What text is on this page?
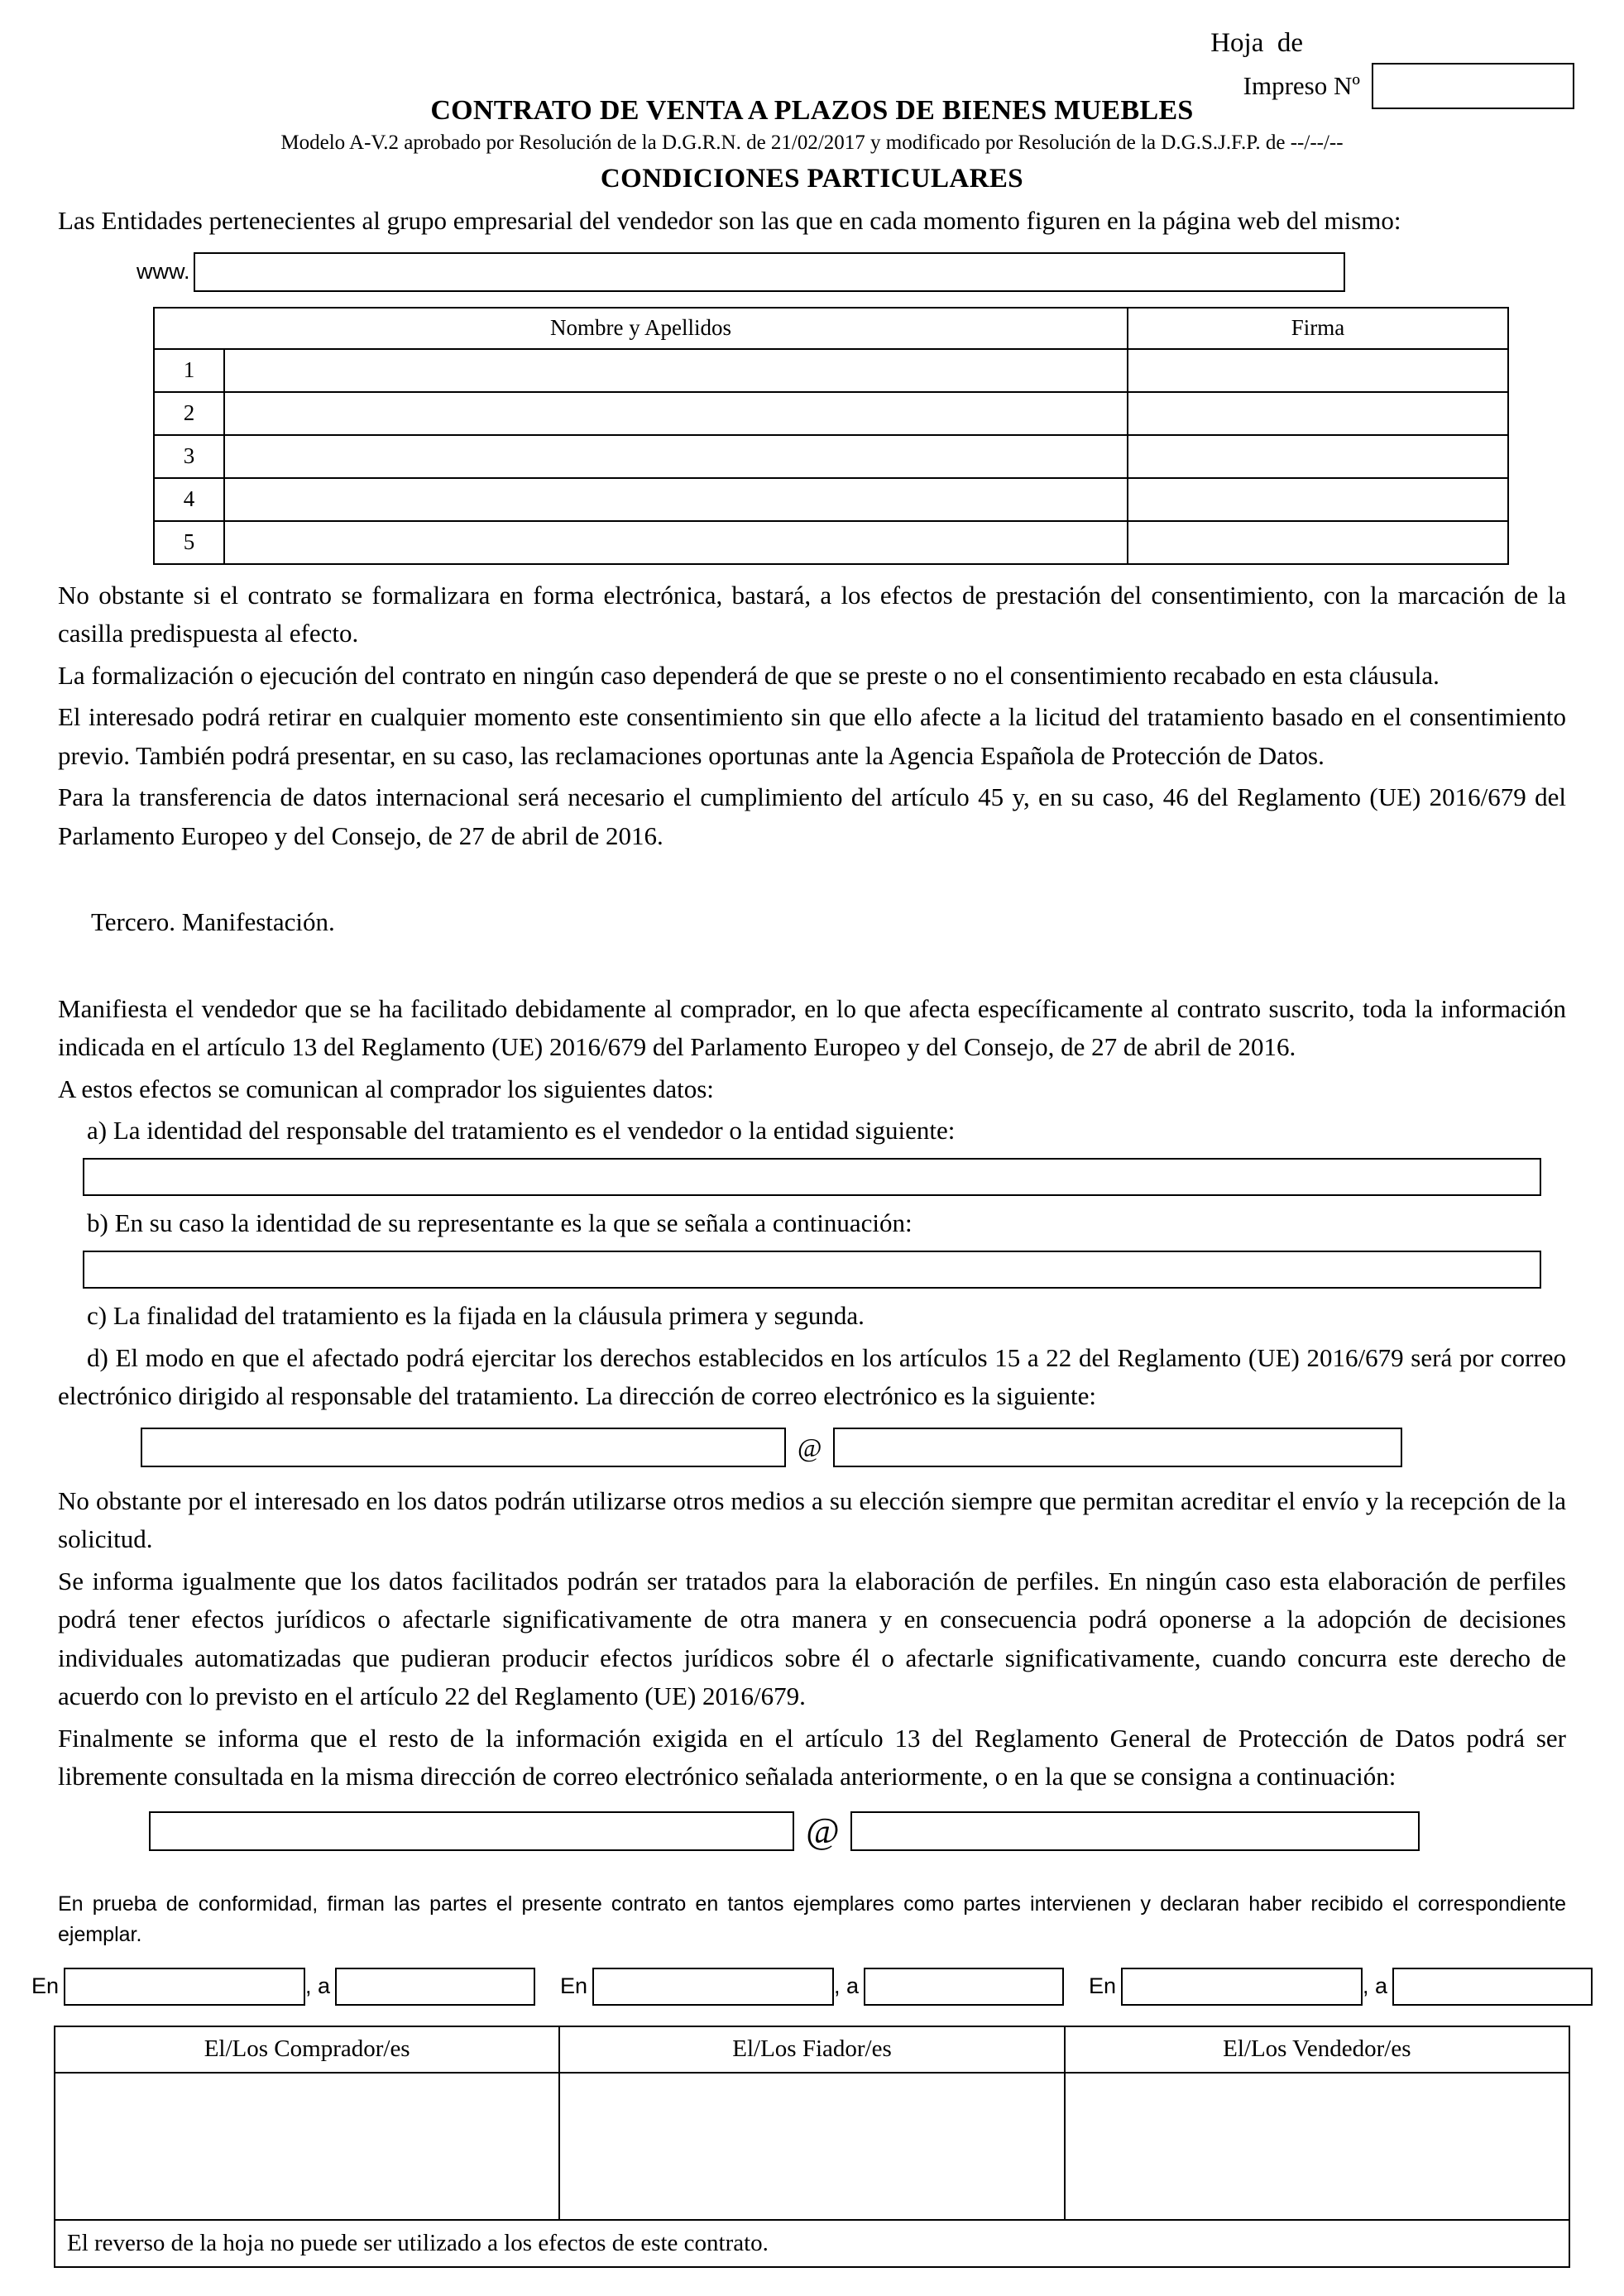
Hoja  de
Impreso Nº
CONTRATO DE VENTA A PLAZOS DE BIENES MUEBLES
Modelo A-V.2 aprobado por Resolución de la D.G.R.N. de 21/02/2017 y modificado por Resolución de la D.G.S.J.F.P. de --/--/--
CONDICIONES PARTICULARES

Las Entidades pertenecientes al grupo empresarial del vendedor son las que en cada momento figuren en la página web del mismo:

www.
Nombre y Apellidos		Firma
1		
2		
3		
4		
5		

No obstante si el contrato se formalizara en forma electrónica, bastará, a los efectos de prestación del consentimiento, con la marcación de la casilla predispuesta al efecto.

La formalización o ejecución del contrato en ningún caso dependerá de que se preste o no el consentimiento recabado en esta cláusula.

El interesado podrá retirar en cualquier momento este consentimiento sin que ello afecte a la licitud del tratamiento basado en el consentimiento previo. También podrá presentar, en su caso, las reclamaciones oportunas ante la Agencia Española de Protección de Datos.

Para la transferencia de datos internacional será necesario el cumplimiento del artículo 45 y, en su caso, 46 del Reglamento (UE) 2016/679 del Parlamento Europeo y del Consejo, de 27 de abril de 2016.

Tercero. Manifestación.

Manifiesta el vendedor que se ha facilitado debidamente al comprador, en lo que afecta específicamente al contrato suscrito, toda la información indicada en el artículo 13 del Reglamento (UE) 2016/679 del Parlamento Europeo y del Consejo, de 27 de abril de 2016.

A estos efectos se comunican al comprador los siguientes datos:

a) La identidad del responsable del tratamiento es el vendedor o la entidad siguiente:

b) En su caso la identidad de su representante es la que se señala a continuación:

c) La finalidad del tratamiento es la fijada en la cláusula primera y segunda.

d) El modo en que el afectado podrá ejercitar los derechos establecidos en los artículos 15 a 22 del Reglamento (UE) 2016/679 será por correo electrónico dirigido al responsable del tratamiento. La dirección de correo electrónico es la siguiente:

@

No obstante por el interesado en los datos podrán utilizarse otros medios a su elección siempre que permitan acreditar el envío y la recepción de la solicitud.

Se informa igualmente que los datos facilitados podrán ser tratados para la elaboración de perfiles. En ningún caso esta elaboración de perfiles podrá tener efectos jurídicos o afectarle significativamente de otra manera y en consecuencia podrá oponerse a la adopción de decisiones individuales automatizadas que pudieran producir efectos jurídicos sobre él o afectarle significativamente, cuando concurra este derecho de acuerdo con lo previsto en el artículo 22 del Reglamento (UE) 2016/679.

Finalmente se informa que el resto de la información exigida en el artículo 13 del Reglamento General de Protección de Datos podrá ser libremente consultada en la misma dirección de correo electrónico señalada anteriormente, o en la que se consigna a continuación:

@

En prueba de conformidad, firman las partes el presente contrato en tantos ejemplares como partes intervienen y declaran haber recibido el correspondiente ejemplar.

En	, a	En	, a	En	, a
El/Los Comprador/es	El/Los Fiador/es	El/Los Vendedor/es

El reverso de la hoja no puede ser utilizado a los efectos de este contrato.
